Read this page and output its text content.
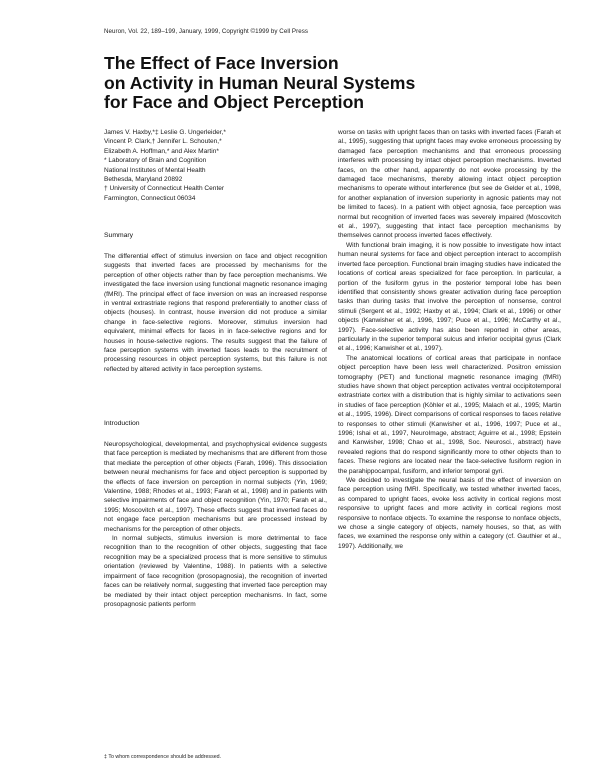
Neuron, Vol. 22, 189–199, January, 1999, Copyright ©1999 by Cell Press
The Effect of Face Inversion
on Activity in Human Neural Systems
for Face and Object Perception
James V. Haxby,*‡ Leslie G. Ungerleider,*
Vincent P. Clark,† Jennifer L. Schouten,*
Elizabeth A. Hoffman,* and Alex Martin*
* Laboratory of Brain and Cognition
National Institutes of Mental Health
Bethesda, Maryland 20892
† University of Connecticut Health Center
Farmington, Connecticut 06034
Summary

The differential effect of stimulus inversion on face and object recognition suggests that inverted faces are processed by mechanisms for the perception of other objects rather than by face perception mechanisms. We investigated the face inversion using functional magnetic resonance imaging (fMRI). The principal effect of face inversion on was an increased response in ventral extrastriate regions that respond preferentially to another class of objects (houses). In contrast, house inversion did not produce a similar change in face-selective regions. Moreover, stimulus inversion had equivalent, minimal effects for faces in in face-selective regions and for houses in house-selective regions. The results suggest that the failure of face perception systems with inverted faces leads to the recruitment of processing resources in object perception systems, but this failure is not reflected by altered activity in face perception systems.

Introduction

Neuropsychological, developmental, and psychophysical evidence suggests that face perception is mediated by mechanisms that are different from those that mediate the perception of other objects (Farah, 1996). This dissociation between neural mechanisms for face and object perception is supported by the effects of face inversion on perception in normal subjects (Yin, 1969; Valentine, 1988; Rhodes et al., 1993; Farah et al., 1998) and in patients with selective impairments of face and object recognition (Yin, 1970; Farah et al., 1995; Moscovitch et al., 1997). These effects suggest that inverted faces do not engage face perception mechanisms but are processed instead by mechanisms for the perception of other objects.

In normal subjects, stimulus inversion is more detrimental to face recognition than to the recognition of other objects, suggesting that face recognition may be a specialized process that is more sensitive to stimulus orientation (reviewed by Valentine, 1988). In patients with a selective impairment of face recognition (prosopagnosia), the recognition of inverted faces can be relatively normal, suggesting that inverted face perception may be mediated by their intact object perception mechanisms. In fact, some prosopagnosic patients perform

worse on tasks with upright faces than on tasks with inverted faces (Farah et al., 1995), suggesting that upright faces may evoke erroneous processing by damaged face perception mechanisms and that erroneous processing interferes with processing by intact object perception mechanisms. Inverted faces, on the other hand, apparently do not evoke processing by the damaged face mechanisms, thereby allowing intact object perception mechanisms to operate without interference (but see de Gelder et al., 1998, for another explanation of inversion superiority in agnosic patients may not be limited to faces). In a patient with object agnosia, face perception was normal but recognition of inverted faces was severely impaired (Moscovitch et al., 1997), suggesting that intact face perception mechanisms by themselves cannot process inverted faces effectively.

With functional brain imaging, it is now possible to investigate how intact human neural systems for face and object perception interact to accomplish inverted face perception. Functional brain imaging studies have indicated the locations of cortical areas specialized for face perception. In particular, a portion of the fusiform gyrus in the posterior temporal lobe has been identified that consistently shows greater activation during face perception tasks than during tasks that involve the perception of nonsense, control stimuli (Sergent et al., 1992; Haxby et al., 1994; Clark et al., 1996) or other objects (Kanwisher et al., 1996, 1997; Puce et al., 1996; McCarthy et al., 1997). Face-selective activity has also been reported in other areas, particularly in the superior temporal sulcus and inferior occipital gyrus (Clark et al., 1996; Kanwisher et al., 1997).

The anatomical locations of cortical areas that participate in nonface object perception have been less well characterized. Positron emission tomography (PET) and functional magnetic resonance imaging (fMRI) studies have shown that object perception activates ventral occipitotemporal extrastriate cortex with a distribution that is highly similar to activations seen in studies of face perception (Köhler et al., 1995; Malach et al., 1995; Martin et al., 1995, 1996). Direct comparisons of cortical responses to faces relative to responses to other stimuli (Kanwisher et al., 1996, 1997; Puce et al., 1996; Ishai et al., 1997, NeuroImage, abstract; Aguirre et al., 1998; Epstein and Kanwisher, 1998; Chao et al., 1998, Soc. Neurosci., abstract) have revealed regions that do respond significantly more to other objects than to faces. These regions are located near the face-selective fusiform region in the parahippocampal, fusiform, and inferior temporal gyri.

We decided to investigate the neural basis of the effect of inversion on face perception using fMRI. Specifically, we tested whether inverted faces, as compared to upright faces, evoke less activity in cortical regions most responsive to upright faces and more activity in cortical regions most responsive to nonface objects. To examine the response to nonface objects, we chose a single category of objects, namely houses, so that, as with faces, we examined the response only within a category (cf. Gauthier et al., 1997). Additionally, we

‡ To whom correspondence should be addressed.
